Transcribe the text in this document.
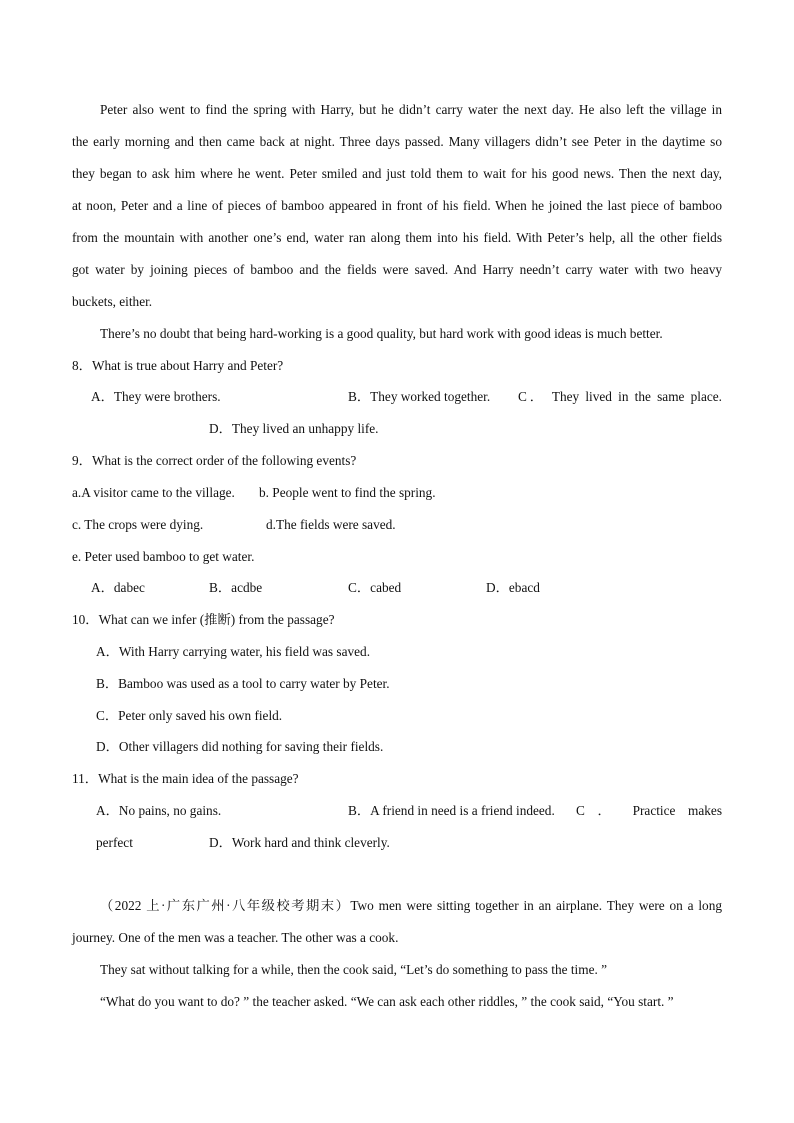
Peter also went to find the spring with Harry, but he didn’t carry water the next day. He also left the village in
the early morning and then came back at night. Three days passed. Many villagers didn’t see Peter in the daytime so
they began to ask him where he went. Peter smiled and just told them to wait for his good news. Then the next day,
at noon, Peter and a line of pieces of bamboo appeared in front of his field. When he joined the last piece of bamboo
from the mountain with another one’s end, water ran along them into his field. With Peter’s help, all the other fields
got water by joining pieces of bamboo and the fields were saved. And Harry needn’t carry water with two heavy
buckets, either.
There’s no doubt that being hard-working is a good quality, but hard work with good ideas is much better.
8．What is true about Harry and Peter?
A．They were brothers.	B．They worked together. C． They lived in the same place.
D．They lived an unhappy life.
9．What is the correct order of the following events?
a.A visitor came to the village. b. People went to find the spring.
c. The crops were dying.	d.The fields were saved.
e. Peter used bamboo to get water.
A．dabec	B．acdbe	C．cabed	D．ebacd
10．What can we infer (推断) from the passage?
A．With Harry carrying water, his field was saved.
B．Bamboo was used as a tool to carry water by Peter.
C．Peter only saved his own field.
D．Other villagers did nothing for saving their fields.
11．What is the main idea of the passage?
A．No pains, no gains.	B．A friend in need is a friend indeed. C ． Practice makes
perfect	D．Work hard and think cleverly.
（2022 上·广东广州·八年级校考期末）Two men were sitting together in an airplane. They were on a long
journey. One of the men was a teacher. The other was a cook.
They sat without talking for a while, then the cook said, “Let’s do something to pass the time. ”
“What do you want to do? ” the teacher asked. “We can ask each other riddles, ” the cook said, “You start. ”
